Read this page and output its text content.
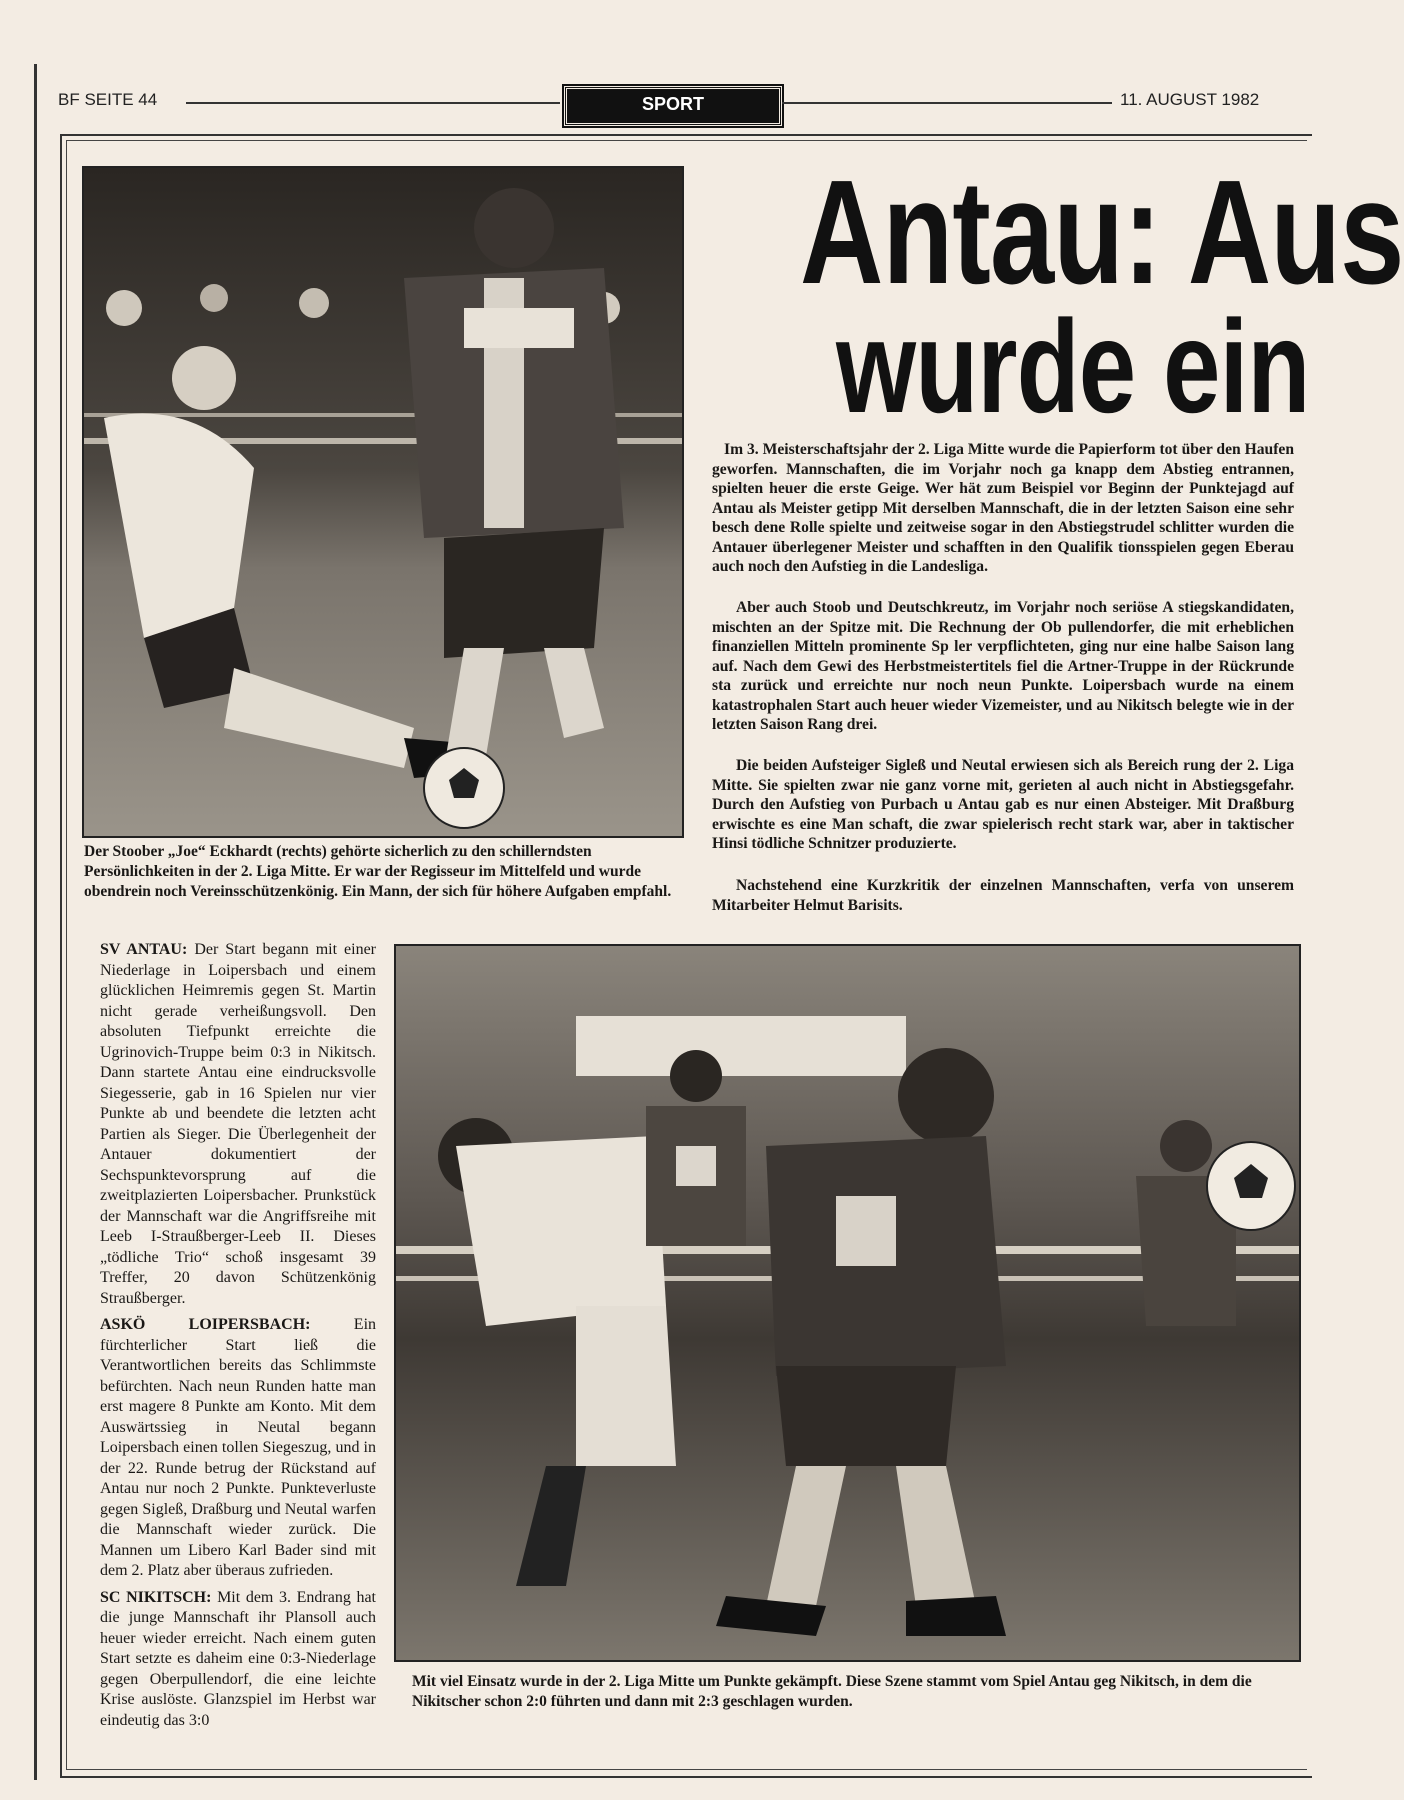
BF SEITE 44	SPORT	11. AUGUST 1982
Der Stoober „Joe“ Eckhardt (rechts) gehörte sicherlich zu den schillerndsten Persönlichkeiten in der 2. Liga Mitte. Er war der Regisseur im Mittelfeld und wurde obendrein noch Vereinsschützenkönig. Ein Mann, der sich für höhere Aufgaben empfahl.
Antau: Aus
wurde ein
Im 3. Meisterschaftsjahr der 2. Liga Mitte wurde die Papierform tot über den Haufen geworfen. Mannschaften, die im Vorjahr noch ga knapp dem Abstieg entrannen, spielten heuer die erste Geige. Wer hät zum Beispiel vor Beginn der Punktejagd auf Antau als Meister getipp Mit derselben Mannschaft, die in der letzten Saison eine sehr besch dene Rolle spielte und zeitweise sogar in den Abstiegstrudel schlitter wurden die Antauer überlegener Meister und schafften in den Qualifik tionsspielen gegen Eberau auch noch den Aufstieg in die Landesliga.
Aber auch Stoob und Deutschkreutz, im Vorjahr noch seriöse A stiegskandidaten, mischten an der Spitze mit. Die Rechnung der Ob pullendorfer, die mit erheblichen finanziellen Mitteln prominente Sp ler verpflichteten, ging nur eine halbe Saison lang auf. Nach dem Gewi des Herbstmeistertitels fiel die Artner-Truppe in der Rückrunde sta zurück und erreichte nur noch neun Punkte. Loipersbach wurde na einem katastrophalen Start auch heuer wieder Vizemeister, und au Nikitsch belegte wie in der letzten Saison Rang drei.
Die beiden Aufsteiger Sigleß und Neutal erwiesen sich als Bereich rung der 2. Liga Mitte. Sie spielten zwar nie ganz vorne mit, gerieten al auch nicht in Abstiegsgefahr. Durch den Aufstieg von Purbach u Antau gab es nur einen Absteiger. Mit Draßburg erwischte es eine Man schaft, die zwar spielerisch recht stark war, aber in taktischer Hinsi tödliche Schnitzer produzierte.
Nachstehend eine Kurzkritik der einzelnen Mannschaften, verfa von unserem Mitarbeiter Helmut Barisits.

SV ANTAU: Der Start begann mit einer Niederlage in Loipersbach und einem glücklichen Heimremis gegen St. Martin nicht gerade verheißungsvoll. Den absoluten Tiefpunkt erreichte die Ugrinovich-Truppe beim 0:3 in Nikitsch. Dann startete Antau eine eindrucksvolle Siegesserie, gab in 16 Spielen nur vier Punkte ab und beendete die letzten acht Partien als Sieger. Die Überlegenheit der Antauer dokumentiert der Sechspunktevorsprung auf die zweitplazierten Loipersbacher. Prunkstück der Mannschaft war die Angriffsreihe mit Leeb I-Straußberger-Leeb II. Dieses „tödliche Trio“ schoß insgesamt 39 Treffer, 20 davon Schützenkönig Straußberger.

ASKÖ LOIPERSBACH:	Ein fürchterlicher Start ließ die Verantwortlichen bereits das Schlimmste befürchten. Nach neun Runden hatte man erst magere 8 Punkte am Konto. Mit dem Auswärtssieg in Neutal begann Loipersbach einen tollen Siegeszug, und in der 22. Runde betrug der Rückstand auf Antau nur noch 2 Punkte. Punkteverluste gegen Sigleß, Draßburg und Neutal warfen die Mannschaft wieder zurück. Die Mannen um Libero Karl Bader sind mit dem 2. Platz aber überaus zufrieden.

SC NIKITSCH: Mit dem 3. Endrang hat die junge Mannschaft ihr Plansoll auch heuer wieder erreicht. Nach einem guten Start setzte es daheim eine 0:3-Niederlage gegen Oberpullendorf, die eine leichte Krise auslöste. Glanzspiel im Herbst war eindeutig das 3:0

Mit viel Einsatz wurde in der 2. Liga Mitte um Punkte gekämpft. Diese Szene stammt vom Spiel Antau geg Nikitsch, in dem die Nikitscher schon 2:0 führten und dann mit 2:3 geschlagen wurden.
